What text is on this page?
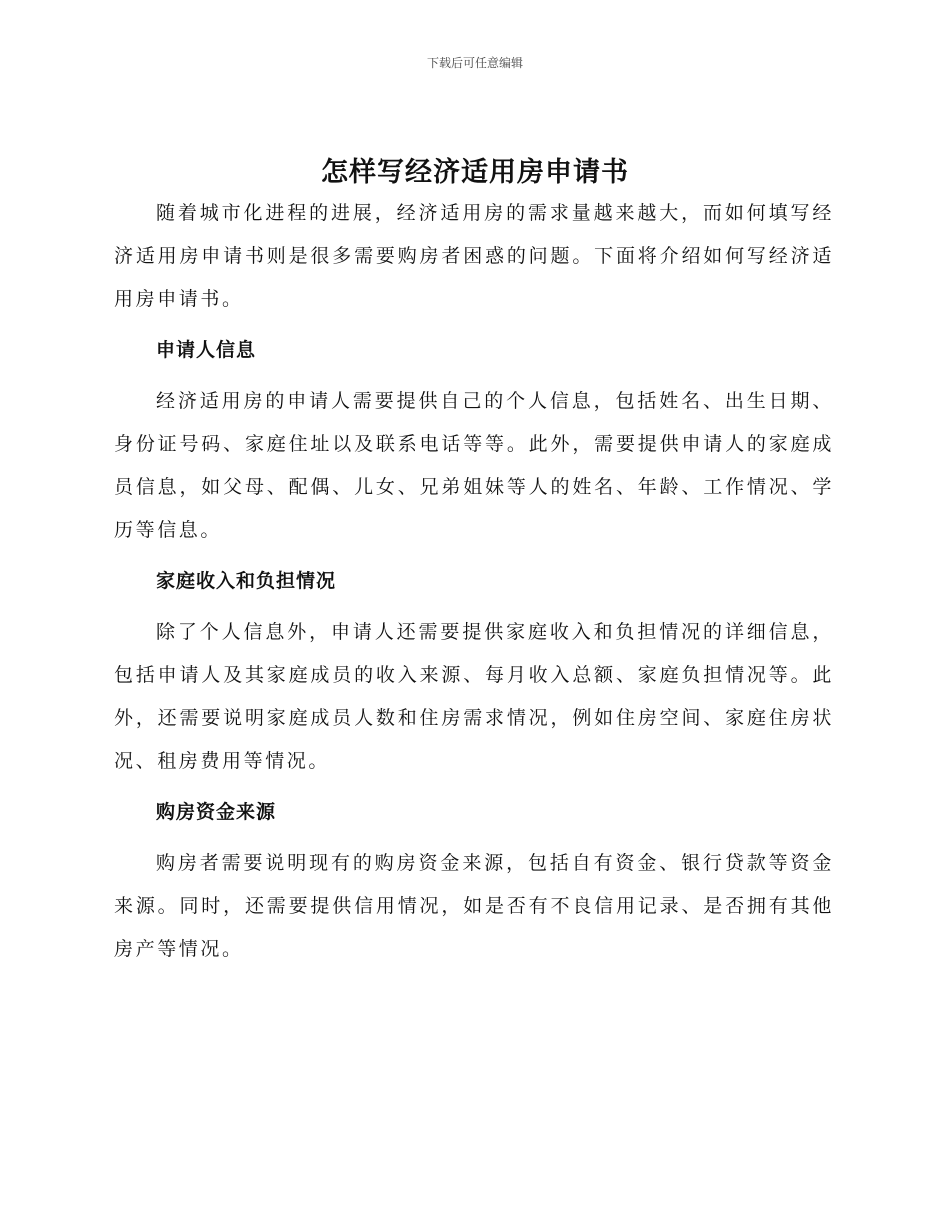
下载后可任意编辑
怎样写经济适用房申请书

随着城市化进程的进展，经济适用房的需求量越来越大，而如何填写经济适用房申请书则是很多需要购房者困惑的问题。下面将介绍如何写经济适用房申请书。

申请人信息

经济适用房的申请人需要提供自己的个人信息，包括姓名、出生日期、身份证号码、家庭住址以及联系电话等等。此外，需要提供申请人的家庭成员信息，如父母、配偶、儿女、兄弟姐妹等人的姓名、年龄、工作情况、学历等信息。

家庭收入和负担情况

除了个人信息外，申请人还需要提供家庭收入和负担情况的详细信息，包括申请人及其家庭成员的收入来源、每月收入总额、家庭负担情况等。此外，还需要说明家庭成员人数和住房需求情况，例如住房空间、家庭住房状况、租房费用等情况。

购房资金来源

购房者需要说明现有的购房资金来源，包括自有资金、银行贷款等资金来源。同时，还需要提供信用情况，如是否有不良信用记录、是否拥有其他房产等情况。
